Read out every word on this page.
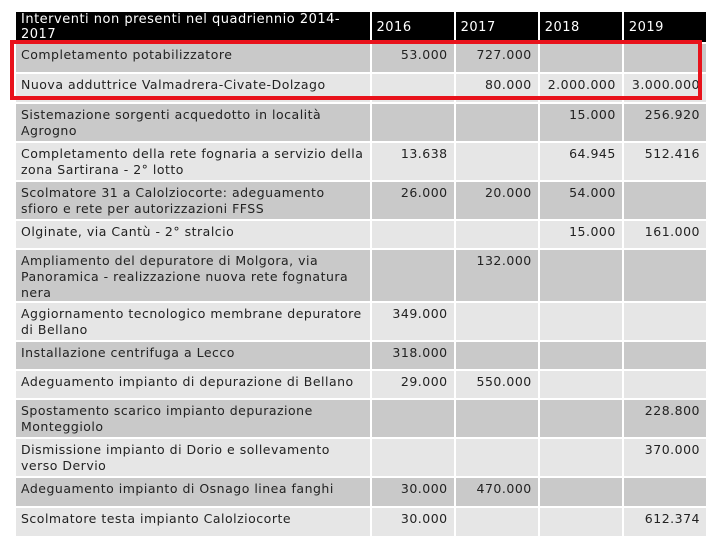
Interventi non presenti nel quadriennio 2014-2017	2016	2017	2018	2019
Completamento potabilizzatore	53.000	727.000		
Nuova adduttrice Valmadrera-Civate-Dolzago		80.000	2.000.000	3.000.000
Sistemazione sorgenti acquedotto in località Agrogno			15.000	256.920
Completamento della rete fognaria a servizio della zona Sartirana - 2° lotto	13.638		64.945	512.416
Scolmatore 31 a Calolziocorte: adeguamento sfioro e rete per autorizzazioni FFSS	26.000	20.000	54.000	
Olginate, via Cantù - 2° stralcio			15.000	161.000
Ampliamento del depuratore di Molgora, via Panoramica - realizzazione nuova rete fognatura nera		132.000		
Aggiornamento tecnologico membrane depuratore di Bellano	349.000			
Installazione centrifuga a Lecco	318.000			
Adeguamento impianto di depurazione di Bellano	29.000	550.000		
Spostamento scarico impianto depurazione Monteggiolo				228.800
Dismissione impianto di Dorio e sollevamento verso Dervio				370.000
Adeguamento impianto di Osnago linea fanghi	30.000	470.000		
Scolmatore testa impianto Calolziocorte	30.000			612.374
